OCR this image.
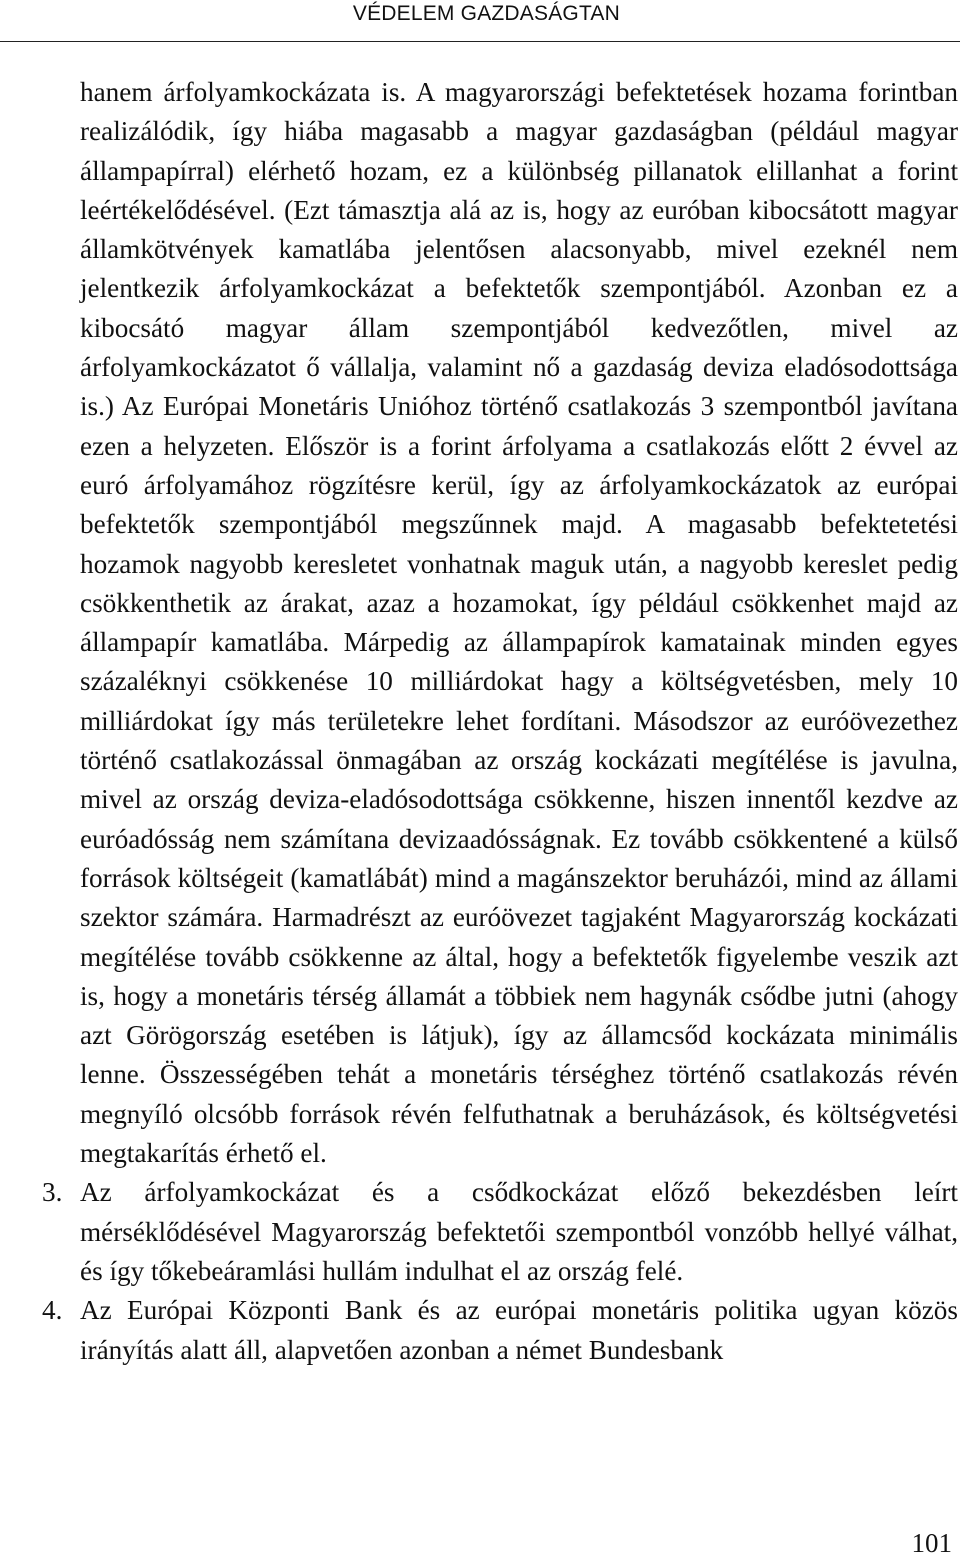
VÉDELEM GAZDASÁGTAN

hanem árfolyamkockázata is. A magyarországi befektetések hozama forintban realizálódik, így hiába magasabb a magyar gazdaságban (például magyar állampapírral) elérhető hozam, ez a különbség pillanatok elillanhat a forint leértékelődésével. (Ezt támasztja alá az is, hogy az euróban kibocsátott magyar államkötvények kamatlába jelentősen alacsonyabb, mivel ezeknél nem jelentkezik árfolyamkockázat a befektetők szempontjából. Azonban ez a kibocsátó magyar állam szempontjából kedvezőtlen, mivel az árfolyamkockázatot ő vállalja, valamint nő a gazdaság deviza eladósodottsága is.) Az Európai Monetáris Unióhoz történő csatlakozás 3 szempontból javítana ezen a helyzeten. Először is a forint árfolyama a csatlakozás előtt 2 évvel az euró árfolyamához rögzítésre kerül, így az árfolyamkockázatok az európai befektetők szempontjából megszűnnek majd. A magasabb befektetetési hozamok nagyobb keresletet vonhatnak maguk után, a nagyobb kereslet pedig csökkenthetik az árakat, azaz a hozamokat, így például csökkenhet majd az állampapír kamatlába. Márpedig az állampapírok kamatainak minden egyes százaléknyi csökkenése 10 milliárdokat hagy a költségvetésben, mely 10 milliárdokat így más területekre lehet fordítani. Másodszor az euróövezethez történő csatlakozással önmagában az ország kockázati megítélése is javulna, mivel az ország deviza-eladósodottsága csökkenne, hiszen innentől kezdve az euróadósság nem számítana devizaadósságnak. Ez tovább csökkentené a külső források költségeit (kamatlábát) mind a magánszektor beruházói, mind az állami szektor számára. Harmadrészt az euróövezet tagjaként Magyarország kockázati megítélése tovább csökkenne az által, hogy a befektetők figyelembe veszik azt is, hogy a monetáris térség államát a többiek nem hagynák csődbe jutni (ahogy azt Görögország esetében is látjuk), így az államcsőd kockázata minimális lenne. Összességében tehát a monetáris térséghez történő csatlakozás révén megnyíló olcsóbb források révén felfuthatnak a beruházások, és költségvetési megtakarítás érhető el.

3. Az árfolyamkockázat és a csődkockázat előző bekezdésben leírt mérséklődésével Magyarország befektetői szempontból vonzóbb hellyé válhat, és így tőkebeáramlási hullám indulhat el az ország felé.
4. Az Európai Központi Bank és az európai monetáris politika ugyan közös irányítás alatt áll, alapvetően azonban a német Bundesbank
101
